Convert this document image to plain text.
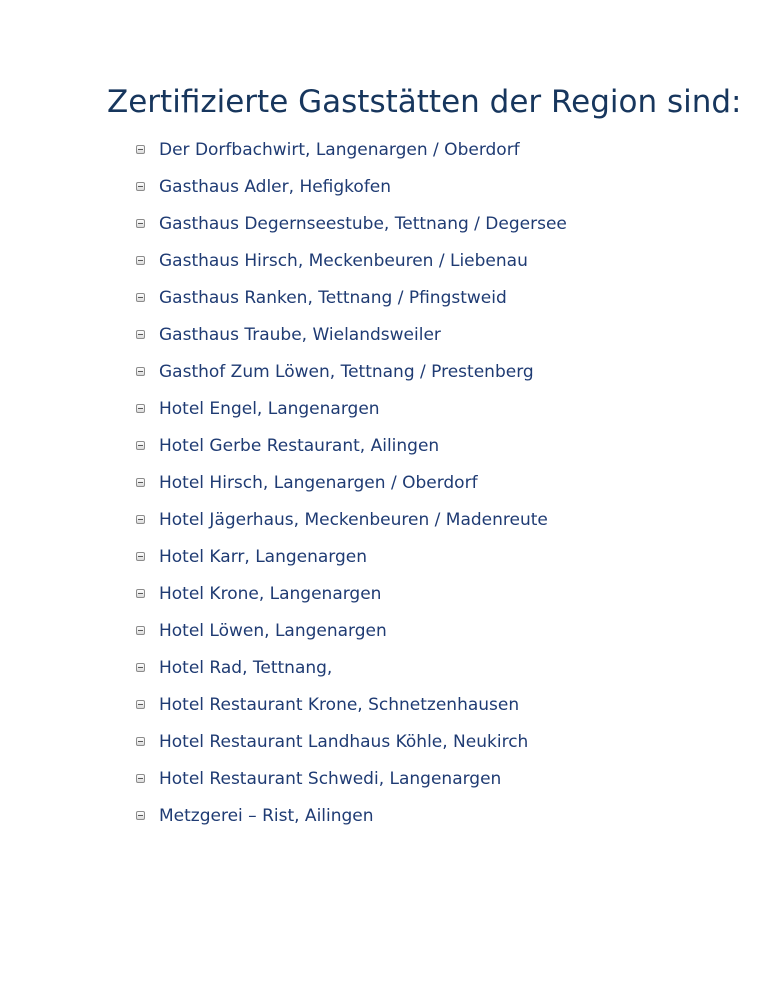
Zertifizierte Gaststätten der Region sind:
Der Dorfbachwirt, Langenargen / Oberdorf
Gasthaus Adler, Hefigkofen
Gasthaus Degernseestube, Tettnang / Degersee
Gasthaus Hirsch, Meckenbeuren / Liebenau
Gasthaus Ranken, Tettnang / Pfingstweid
Gasthaus Traube, Wielandsweiler
Gasthof Zum Löwen, Tettnang / Prestenberg
Hotel Engel, Langenargen
Hotel Gerbe Restaurant, Ailingen
Hotel Hirsch, Langenargen / Oberdorf
Hotel Jägerhaus, Meckenbeuren / Madenreute
Hotel Karr, Langenargen
Hotel Krone, Langenargen
Hotel Löwen, Langenargen
Hotel Rad, Tettnang,
Hotel Restaurant Krone, Schnetzenhausen
Hotel Restaurant Landhaus Köhle, Neukirch
Hotel Restaurant Schwedi, Langenargen
Metzgerei – Rist, Ailingen
